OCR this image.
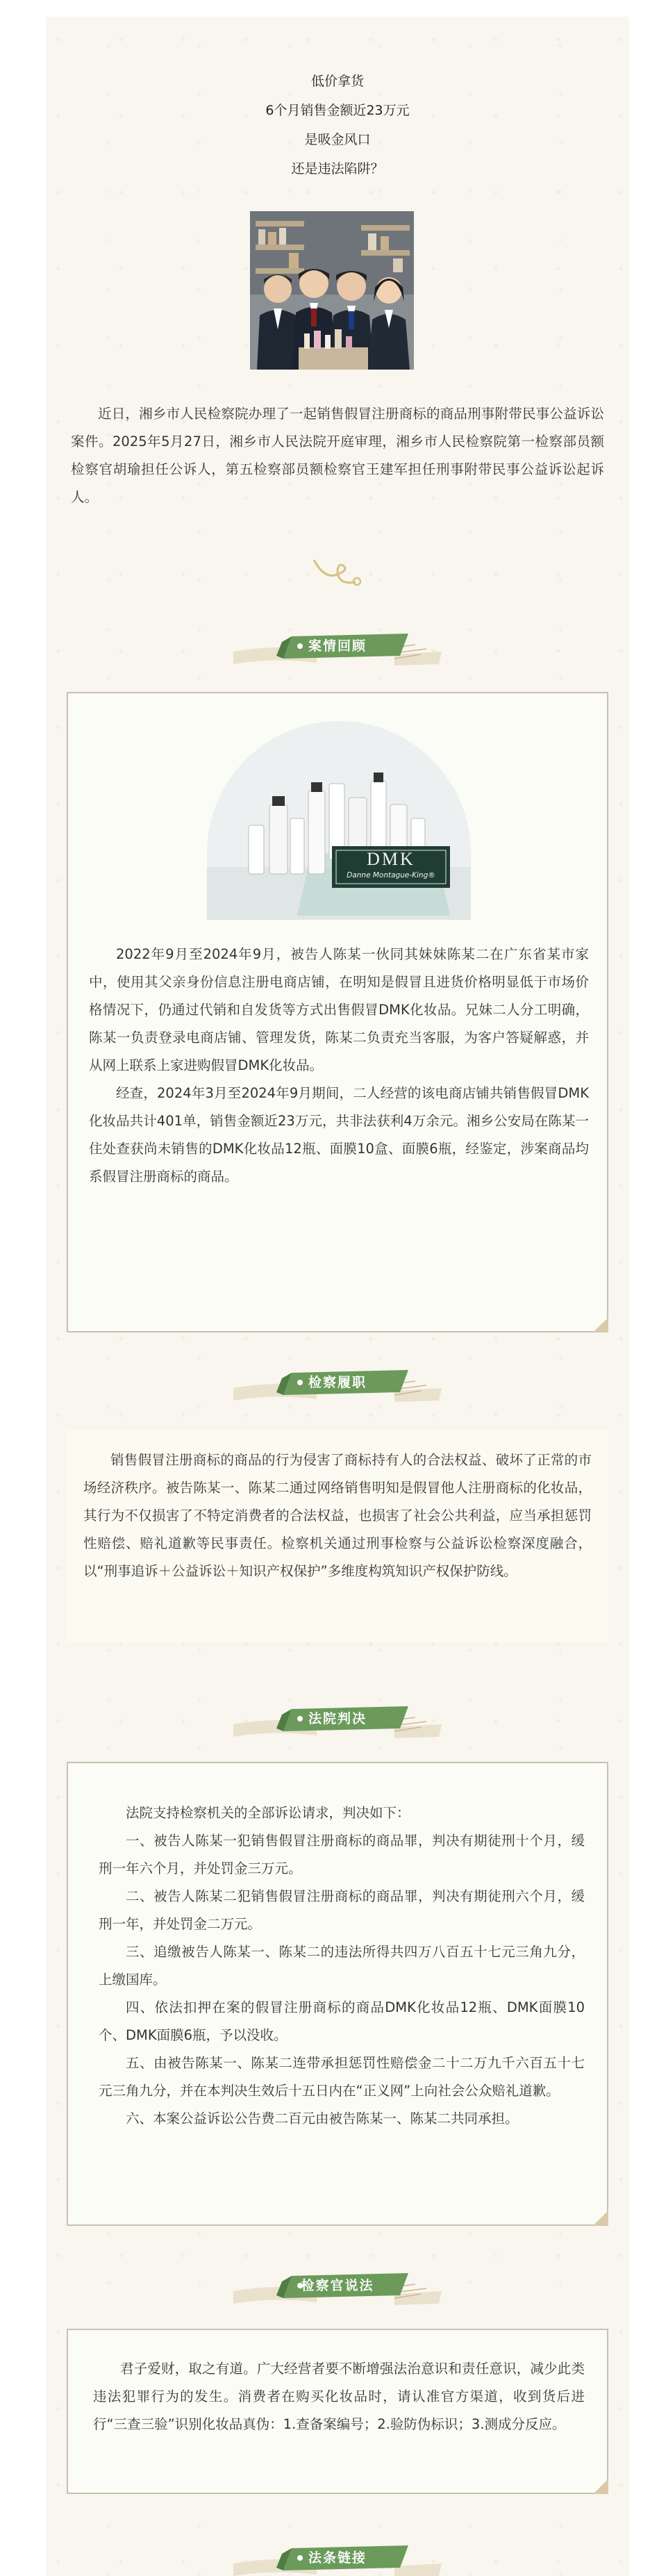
低价拿货
6个月销售金额近23万元
是吸金风口
还是违法陷阱？
近日，湘乡市人民检察院办理了一起销售假冒注册商标的商品刑事附带民事公益诉讼案件。2025年5月27日，湘乡市人民法院开庭审理，湘乡市人民检察院第一检察部员额检察官胡瑜担任公诉人，第五检察部员额检察官王建军担任刑事附带民事公益诉讼起诉人。
案情回顾
DMK
Danne Montague-King®

2022年9月至2024年9月，被告人陈某一伙同其妹妹陈某二在广东省某市家中，使用其父亲身份信息注册电商店铺，在明知是假冒且进货价格明显低于市场价格情况下，仍通过代销和自发货等方式出售假冒DMK化妆品。兄妹二人分工明确，陈某一负责登录电商店铺、管理发货，陈某二负责充当客服，为客户答疑解惑，并从网上联系上家进购假冒DMK化妆品。

经查，2024年3月至2024年9月期间，二人经营的该电商店铺共销售假冒DMK化妆品共计401单，销售金额近23万元，共非法获利4万余元。湘乡公安局在陈某一住处查获尚未销售的DMK化妆品12瓶、面膜10盒、面膜6瓶，经鉴定，涉案商品均系假冒注册商标的商品。

检察履职
销售假冒注册商标的商品的行为侵害了商标持有人的合法权益、破坏了正常的市场经济秩序。被告陈某一、陈某二通过网络销售明知是假冒他人注册商标的化妆品，其行为不仅损害了不特定消费者的合法权益，也损害了社会公共利益，应当承担惩罚性赔偿、赔礼道歉等民事责任。检察机关通过刑事检察与公益诉讼检察深度融合，以“刑事追诉＋公益诉讼＋知识产权保护”多维度构筑知识产权保护防线。
法院判决

法院支持检察机关的全部诉讼请求，判决如下：

一、被告人陈某一犯销售假冒注册商标的商品罪，判决有期徒刑十个月，缓刑一年六个月，并处罚金三万元。

二、被告人陈某二犯销售假冒注册商标的商品罪，判决有期徒刑六个月，缓刑一年，并处罚金二万元。

三、追缴被告人陈某一、陈某二的违法所得共四万八百五十七元三角九分，上缴国库。

四、依法扣押在案的假冒注册商标的商品DMK化妆品12瓶、DMK面膜10个、DMK面膜6瓶，予以没收。

五、由被告陈某一、陈某二连带承担惩罚性赔偿金二十二万九千六百五十七元三角九分，并在本判决生效后十五日内在“正义网”上向社会公众赔礼道歉。

六、本案公益诉讼公告费二百元由被告陈某一、陈某二共同承担。

检察官说法
君子爱财，取之有道。广大经营者要不断增强法治意识和责任意识，减少此类违法犯罪行为的发生。消费者在购买化妆品时，请认准官方渠道，收到货后进行“三查三验”识别化妆品真伪：1.查备案编号；2.验防伪标识；3.测成分反应。
法条链接
